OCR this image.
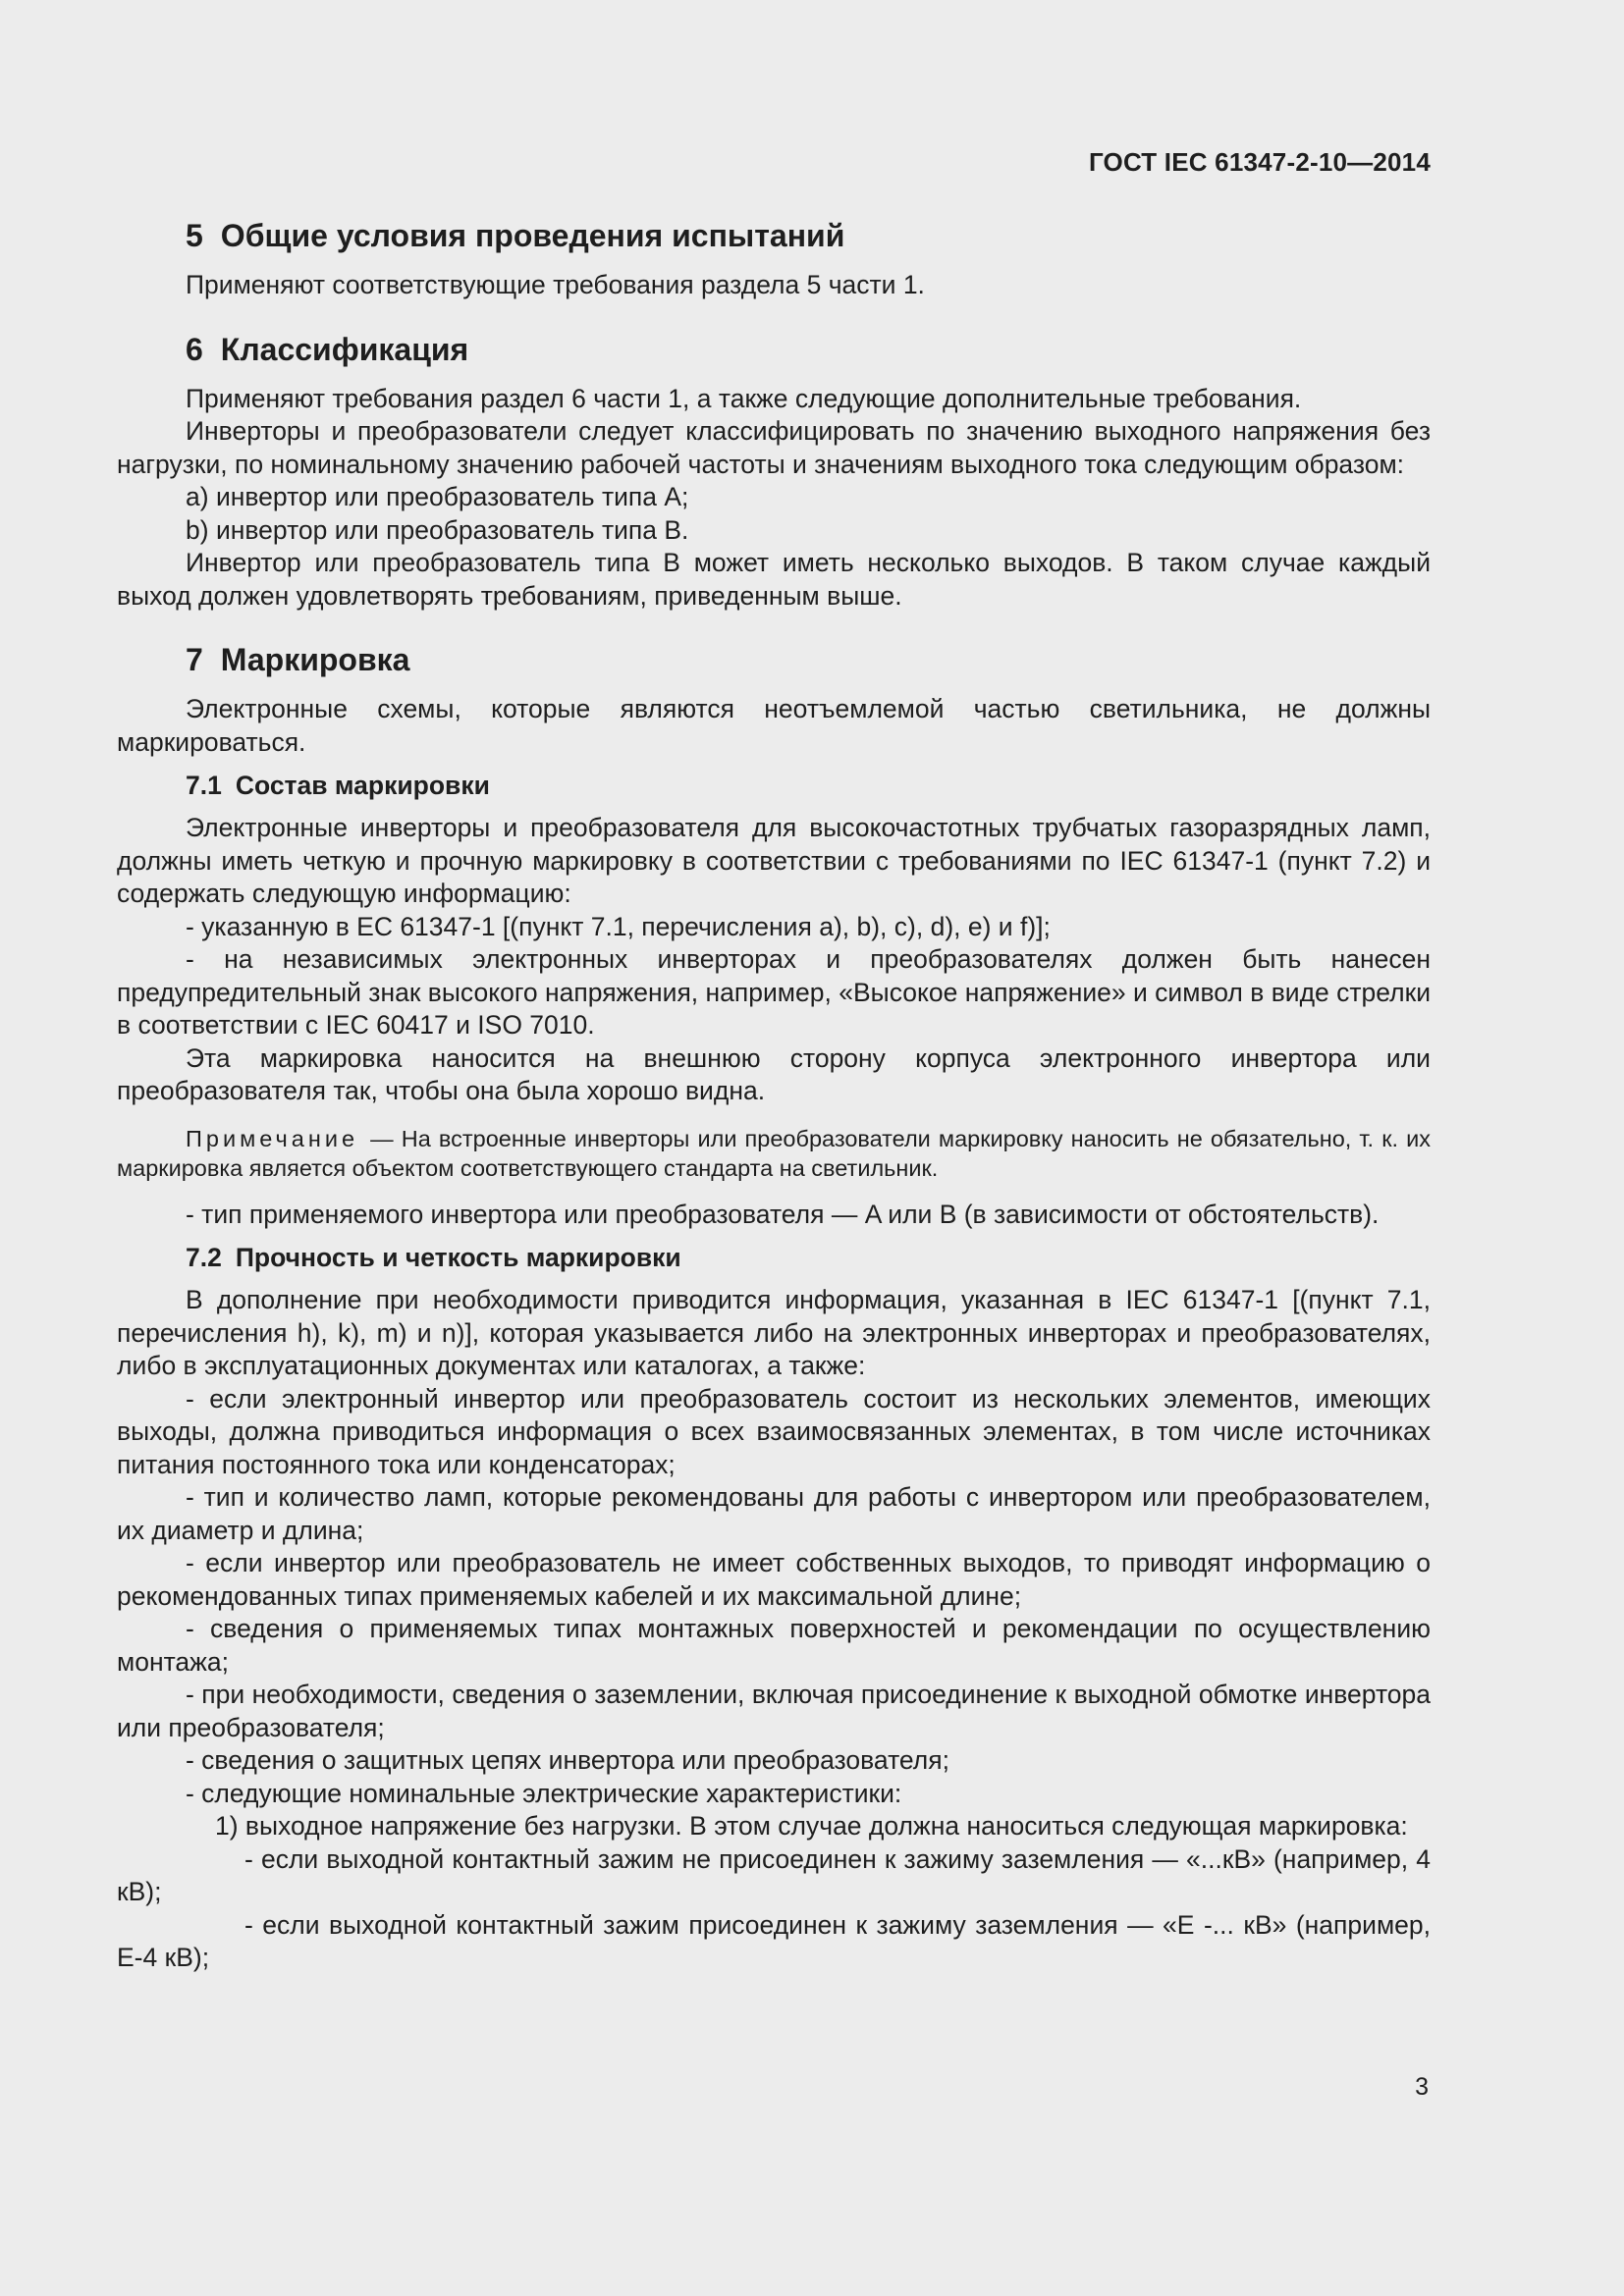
ГОСТ IEC 61347-2-10—2014
5 Общие условия проведения испытаний

Применяют соответствующие требования раздела 5 части 1.

6 Классификация

Применяют требования раздел 6 части 1, а также следующие дополнительные требования.

Инверторы и преобразователи следует классифицировать по значению выходного напряжения без нагрузки, по номинальному значению рабочей частоты и значениям выходного тока следующим образом:

a) инвертор или преобразователь типа A;

b) инвертор или преобразователь типа B.

Инвертор или преобразователь типа B может иметь несколько выходов. В таком случае каждый выход должен удовлетворять требованиям, приведенным выше.

7 Маркировка

Электронные схемы, которые являются неотъемлемой частью светильника, не должны маркироваться.

7.1 Состав маркировки

Электронные инверторы и преобразователя для высокочастотных трубчатых газоразрядных ламп, должны иметь четкую и прочную маркировку в соответствии с требованиями по IEC 61347-1 (пункт 7.2) и содержать следующую информацию:

- указанную в EC 61347-1 [(пункт 7.1, перечисления a), b), c), d), e) и f)];

- на независимых электронных инверторах и преобразователях должен быть нанесен предупредительный знак высокого напряжения, например, «Высокое напряжение» и символ в виде стрелки в соответствии с IEC 60417 и ISO 7010.

Эта маркировка наносится на внешнюю сторону корпуса электронного инвертора или преобразователя так, чтобы она была хорошо видна.

Примечание — На встроенные инверторы или преобразователи маркировку наносить не обязательно, т. к. их маркировка является объектом соответствующего стандарта на светильник.

- тип применяемого инвертора или преобразователя — A или B (в зависимости от обстоятельств).

7.2 Прочность и четкость маркировки

В дополнение при необходимости приводится информация, указанная в IEC 61347-1 [(пункт 7.1, перечисления h), k), m) и n)], которая указывается либо на электронных инверторах и преобразователях, либо в эксплуатационных документах или каталогах, а также:

- если электронный инвертор или преобразователь состоит из нескольких элементов, имеющих выходы, должна приводиться информация о всех взаимосвязанных элементах, в том числе источниках питания постоянного тока или конденсаторах;

- тип и количество ламп, которые рекомендованы для работы с инвертором или преобразователем, их диаметр и длина;

- если инвертор или преобразователь не имеет собственных выходов, то приводят информацию о рекомендованных типах применяемых кабелей и их максимальной длине;

- сведения о применяемых типах монтажных поверхностей и рекомендации по осуществлению монтажа;

- при необходимости, сведения о заземлении, включая присоединение к выходной обмотке инвертора или преобразователя;

- сведения о защитных цепях инвертора или преобразователя;

- следующие номинальные электрические характеристики:

1) выходное напряжение без нагрузки. В этом случае должна наноситься следующая маркировка:

- если выходной контактный зажим не присоединен к зажиму заземления — «...кВ» (например, 4 кВ);

- если выходной контактный зажим присоединен к зажиму заземления — «E -... кВ» (например, E-4 кВ);

3
